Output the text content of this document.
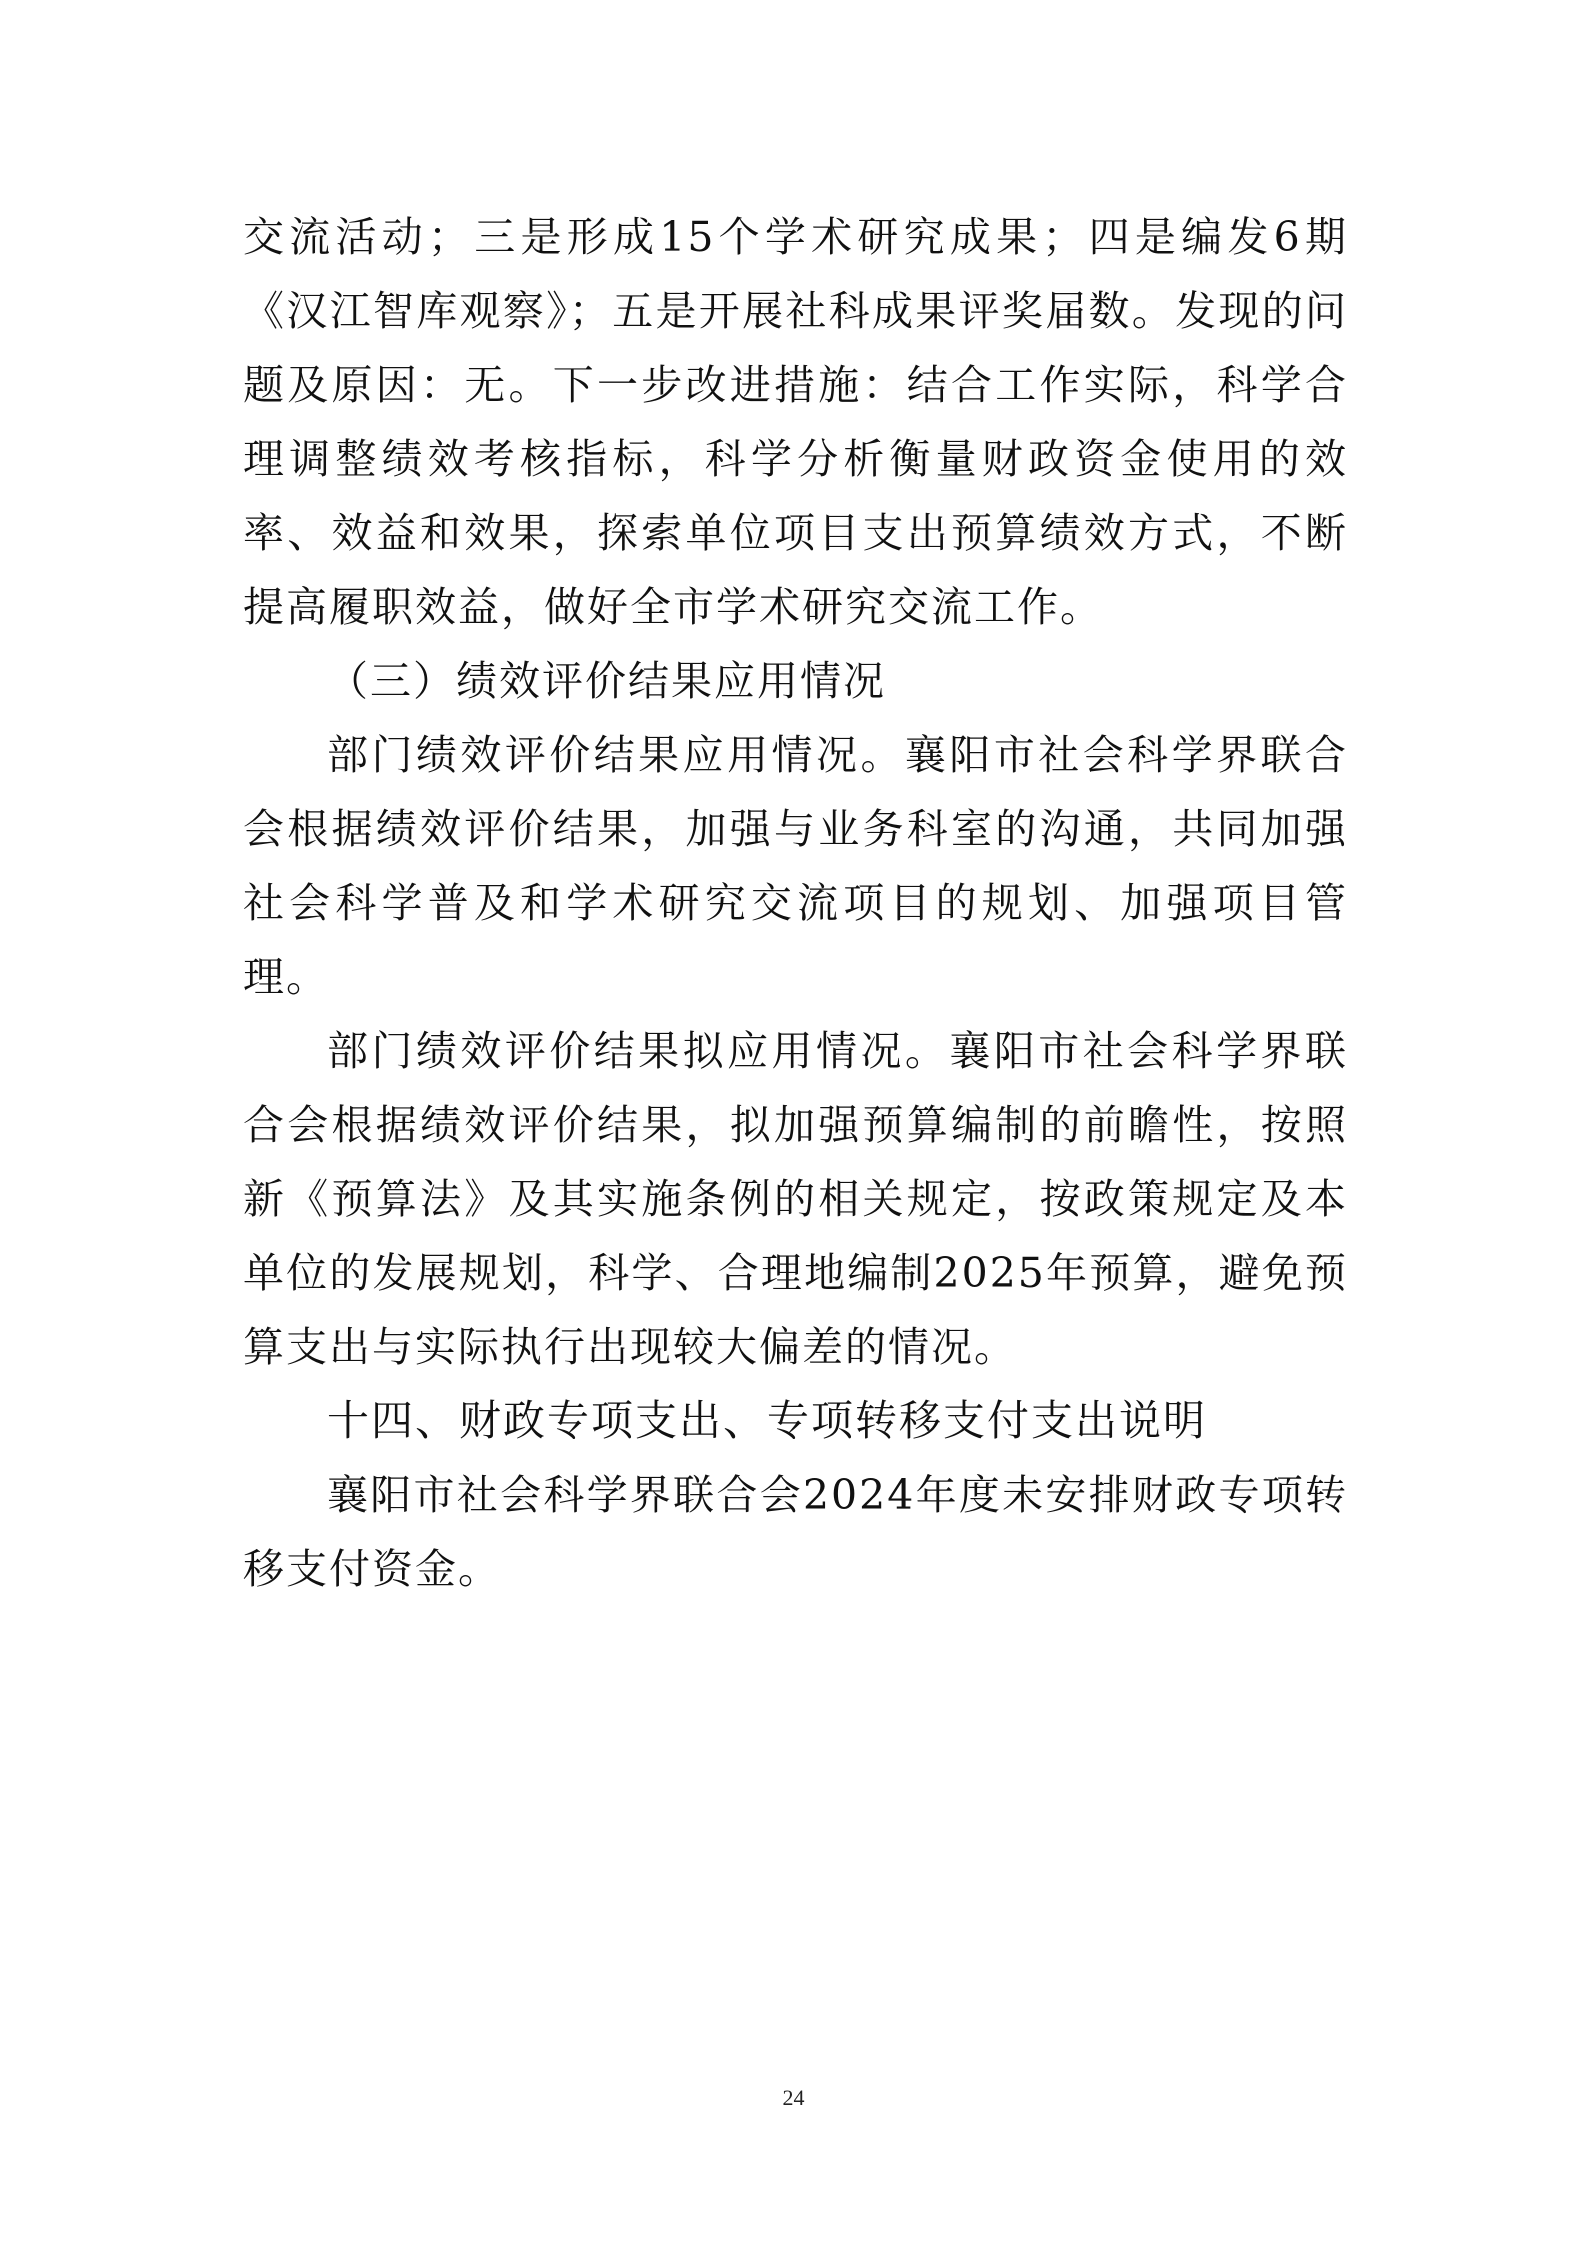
交流活动；三是形成15个学术研究成果；四是编发6期《汉江智库观察》；五是开展社科成果评奖届数。发现的问题及原因：无。下一步改进措施：结合工作实际，科学合理调整绩效考核指标，科学分析衡量财政资金使用的效率、效益和效果，探索单位项目支出预算绩效方式，不断提高履职效益，做好全市学术研究交流工作。

（三）绩效评价结果应用情况

部门绩效评价结果应用情况。襄阳市社会科学界联合会根据绩效评价结果，加强与业务科室的沟通，共同加强社会科学普及和学术研究交流项目的规划、加强项目管理。

部门绩效评价结果拟应用情况。襄阳市社会科学界联合会根据绩效评价结果，拟加强预算编制的前瞻性，按照新《预算法》及其实施条例的相关规定，按政策规定及本单位的发展规划，科学、合理地编制2025年预算，避免预算支出与实际执行出现较大偏差的情况。

十四、财政专项支出、专项转移支付支出说明

襄阳市社会科学界联合会2024年度未安排财政专项转移支付资金。

24
